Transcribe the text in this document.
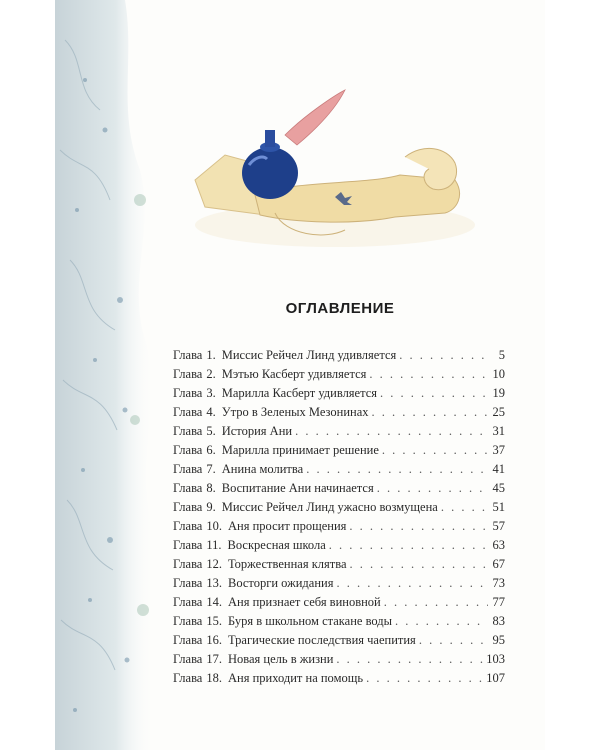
ОГЛАВЛЕНИЕ
Глава 1. Миссис Рейчел Линд удивляется . . .	5
Глава 2. Мэтью Касберт удивляется . . .	10
Глава 3. Марилла Касберт удивляется . . .	19
Глава 4. Утро в Зеленых Мезонинах . . .	25
Глава 5. История Ани . . .	31
Глава 6. Марилла принимает решение . . .	37
Глава 7. Анина молитва . . .	41
Глава 8. Воспитание Ани начинается . . .	45
Глава 9. Миссис Рейчел Линд ужасно возмущена . . .	51
Глава 10. Аня просит прощения . . .	57
Глава 11. Воскресная школа . . .	63
Глава 12. Торжественная клятва . . .	67
Глава 13. Восторги ожидания . . .	73
Глава 14. Аня признает себя виновной . . .	77
Глава 15. Буря в школьном стакане воды . . .	83
Глава 16. Трагические последствия чаепития . . .	95
Глава 17. Новая цель в жизни . . .	103
Глава 18. Аня приходит на помощь . . .	107
